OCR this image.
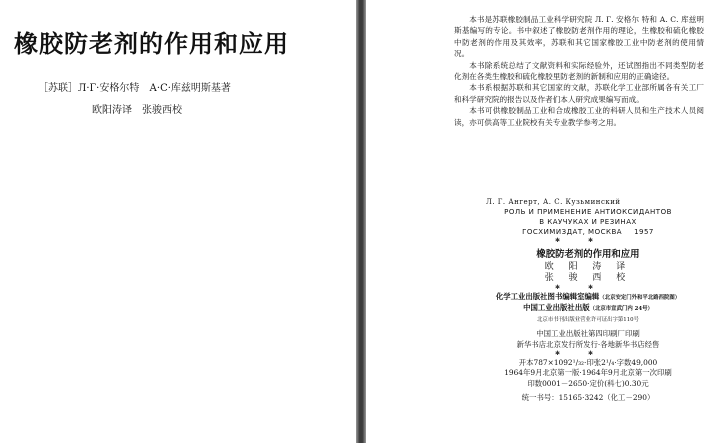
橡胶防老剂的作用和应用
［苏联］Л·Г·安格尔特 А·С·库兹明斯基著
欧阳涛译 张骏西校

本书是苏联橡胶制品工业科学研究院 Л. Г. 安格尔 特和 А. С. 库兹明斯基编写的专论。书中叙述了橡胶防老剂作用的理论，生橡胶和硫化橡胶中防老剂的作用及其效率，苏联和其它国家橡胶工业中防老剂的使用情况。

本书除系统总结了文献资料和实际经验外，还试图指出不同类型防老化剂在各类生橡胶和硫化橡胶里防老剂的新制和应用的正确途径。

本书系根据苏联和其它国家的文献，苏联化学工业部所属各有关工厂和科学研究院的报告以及作者们本人研究成果编写而成。

本书可供橡胶制品工业和合成橡胶工业的科研人员和生产技术人员阅读，亦可供高等工业院校有关专业教学参考之用。

Л. Г. Ангерт, А. С. Кузьминский
РОЛЬ И ПРИМЕНЕНИЕ АНТИОКСИДАНТОВ
В КАУЧУКАХ И РЕЗИНАХ
ГОСХИМИЗДАТ, МОСКВА 1957
✱✱
橡胶防老剂的作用和应用
欧 阳 涛 译
张 骏 西 校
✱✱
化学工业出版社图书编辑室编辑（北京安定门外和平北路西院图）
中国工业出版社出版（北京市宣武门内 24号）
北京市书刊出版业营业许可证出字第110号
中国工业出版社第四印刷厂印刷
新华书店北京发行所发行·各地新华书店经售
✱✱
开本787×1092¹/₃₂·印张2¹/₄·字数49,000
1964年9月北京第一版·1964年9月北京第一次印刷
印数0001－2650·定价(科七)0.30元
统一书号：15165·3242（化工－290）
